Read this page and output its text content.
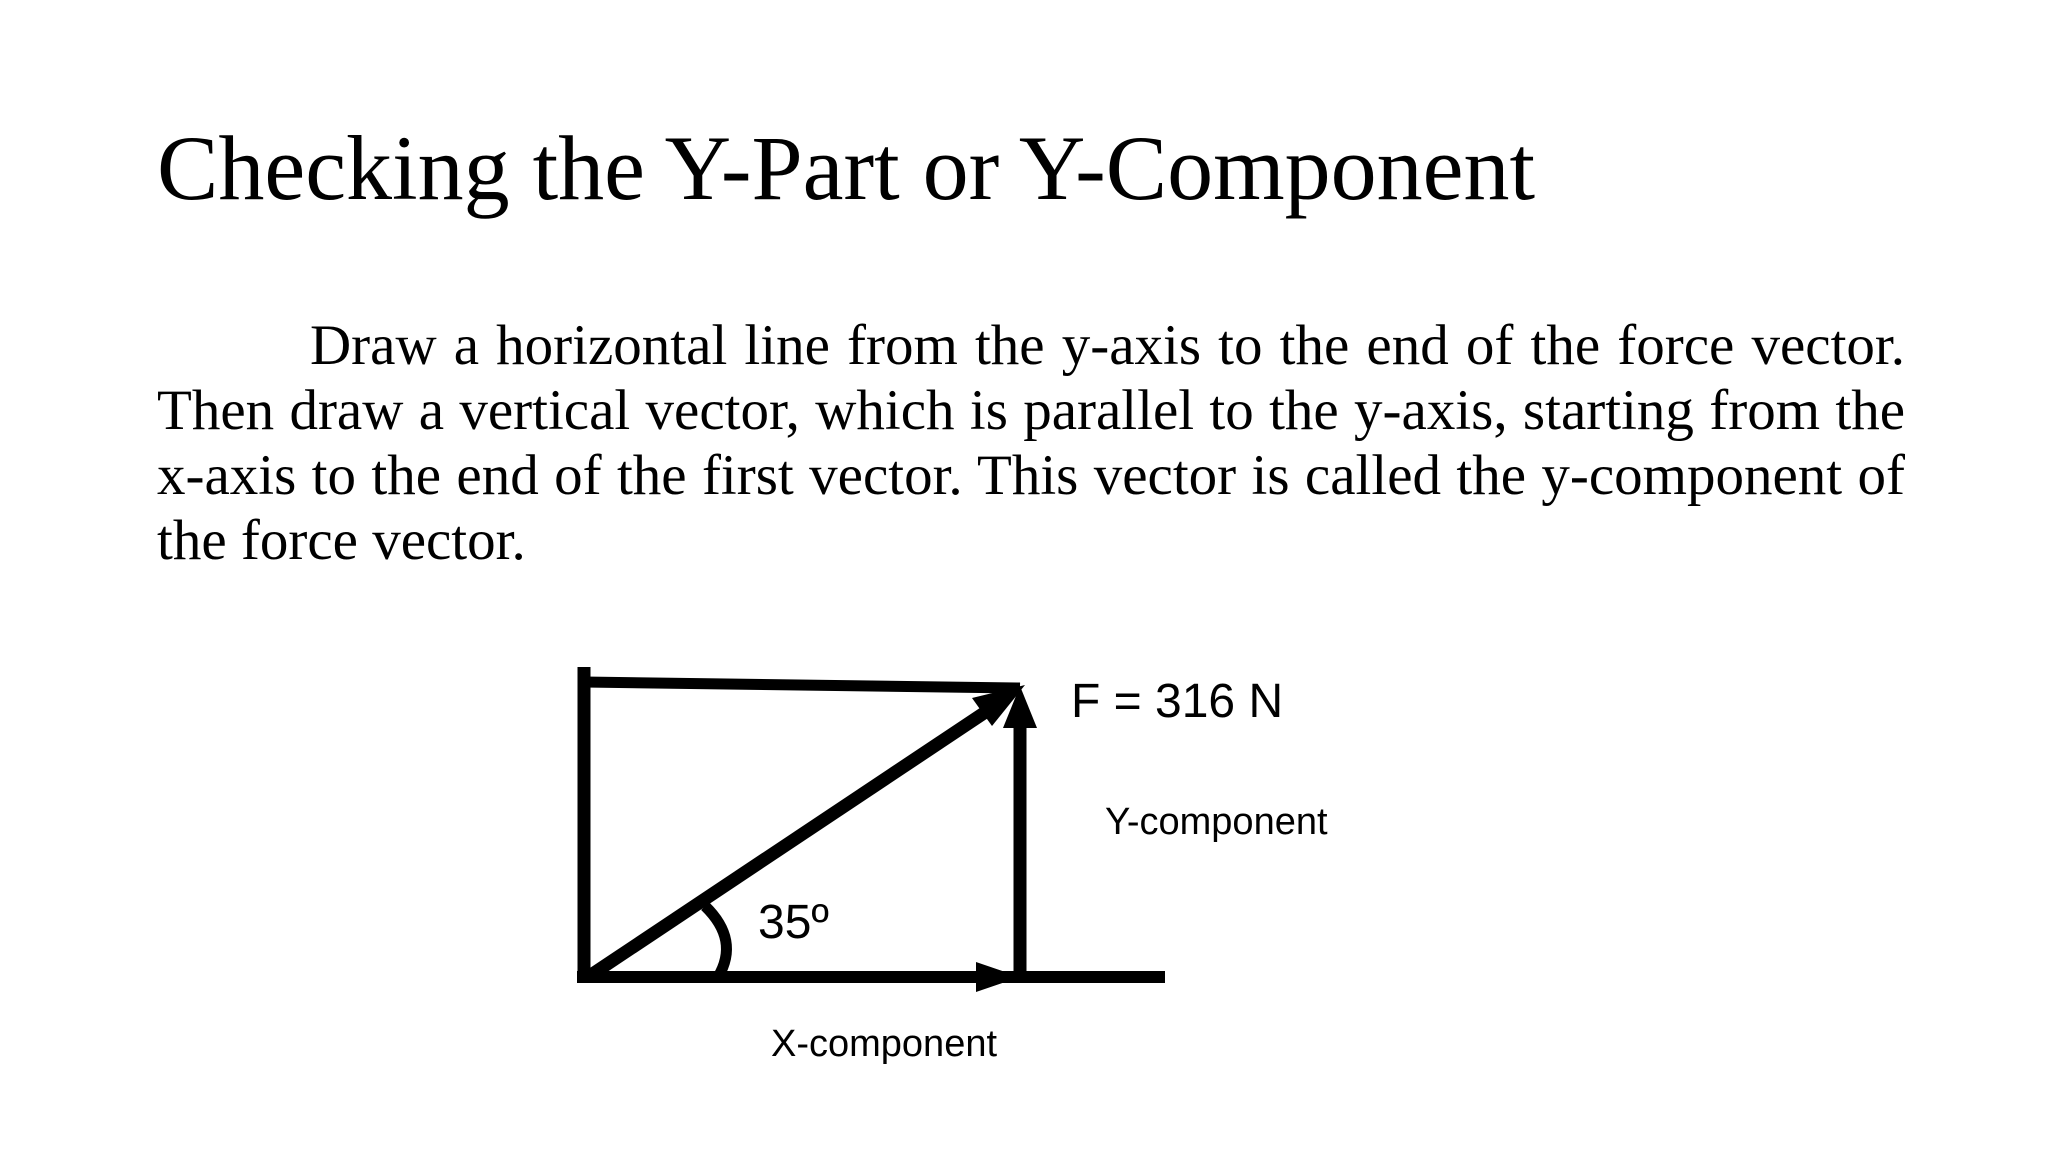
Checking the Y-Part or Y-Component

Draw a horizontal line from the y-axis to the end of the force vector. Then draw a vertical vector, which is parallel to the y-axis, starting from the x-axis to the end of the first vector. This vector is called the y-component of the force vector.

F = 316 N
Y-component
35º
X-component
